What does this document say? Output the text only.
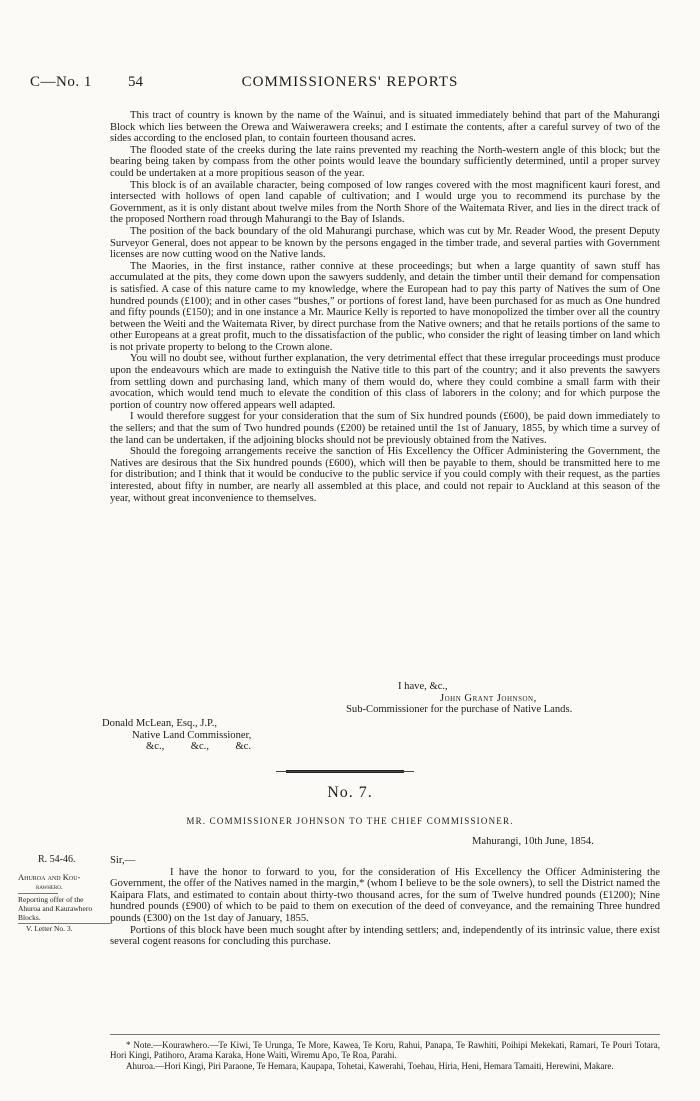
C—No. 1 54	COMMISSIONERS' REPORTS

This tract of country is known by the name of the Wainui, and is situated immediately behind that part of the Mahurangi Block which lies between the Orewa and Waiwerawera creeks; and I estimate the contents, after a careful survey of two of the sides according to the enclosed plan, to contain fourteen thousand acres.

The flooded state of the creeks during the late rains prevented my reaching the North-western angle of this block; but the bearing being taken by compass from the other points would leave the boundary sufficiently determined, until a proper survey could be undertaken at a more propitious season of the year.

This block is of an available character, being composed of low ranges covered with the most magnificent kauri forest, and intersected with hollows of open land capable of cultivation; and I would urge you to recommend its purchase by the Government, as it is only distant about twelve miles from the North Shore of the Waitemata River, and lies in the direct track of the proposed Northern road through Mahurangi to the Bay of Islands.

The position of the back boundary of the old Mahurangi purchase, which was cut by Mr. Reader Wood, the present Deputy Surveyor General, does not appear to be known by the persons engaged in the timber trade, and several parties with Government licenses are now cutting wood on the Native lands.

The Maories, in the first instance, rather connive at these proceedings; but when a large quantity of sawn stuff has accumulated at the pits, they come down upon the sawyers suddenly, and detain the timber until their demand for compensation is satisfied. A case of this nature came to my knowledge, where the European had to pay this party of Natives the sum of One hundred pounds (£100); and in other cases “bushes,” or portions of forest land, have been purchased for as much as One hundred and fifty pounds (£150); and in one instance a Mr. Maurice Kelly is reported to have monopolized the timber over all the country between the Weiti and the Waitemata River, by direct purchase from the Native owners; and that he retails portions of the same to other Europeans at a great profit, much to the dissatisfaction of the public, who consider the right of leasing timber on land which is not private property to belong to the Crown alone.

You will no doubt see, without further explanation, the very detrimental effect that these irregular proceedings must produce upon the endeavours which are made to extinguish the Native title to this part of the country; and it also prevents the sawyers from settling down and purchasing land, which many of them would do, where they could combine a small farm with their avocation, which would tend much to elevate the condition of this class of laborers in the colony; and for which purpose the portion of country now offered appears well adapted.

I would therefore suggest for your consideration that the sum of Six hundred pounds (£600), be paid down immediately to the sellers; and that the sum of Two hundred pounds (£200) be retained until the 1st of January, 1855, by which time a survey of the land can be undertaken, if the adjoining blocks should not be previously obtained from the Natives.

Should the foregoing arrangements receive the sanction of His Excellency the Officer Administering the Government, the Natives are desirous that the Six hundred pounds (£600), which will then be payable to them, should be transmitted here to me for distribution; and I think that it would be conducive to the public service if you could comply with their request, as the parties interested, about fifty in number, are nearly all assembled at this place, and could not repair to Auckland at this season of the year, without great inconvenience to themselves.

I have, &c.,
John Grant Johnson,
Sub-Commissioner for the purchase of Native Lands.
Donald McLean, Esq., J.P.,
Native Land Commissioner,
&c.,          &c.,          &c.
No. 7.
MR. COMMISSIONER JOHNSON TO THE CHIEF COMMISSIONER.
Mahurangi, 10th June, 1854.
R. 54-46.
Ahuroa and Kou-
rawhero.
Reporting offer of the
Ahuroa and Kaurawhero
Blocks.
V. Letter No. 3.
Sir,—

I have the honor to forward to you, for the consideration of His Excellency the Officer Administering the Government, the offer of the Natives named in the margin,* (whom I believe to be the sole owners), to sell the District named the Kaipara Flats, and estimated to contain about thirty-two thousand acres, for the sum of Twelve hundred pounds (£1200); Nine hundred pounds (£900) of which to be paid to them on execution of the deed of conveyance, and the remaining Three hundred pounds (£300) on the 1st day of January, 1855.

Portions of this block have been much sought after by intending settlers; and, independently of its intrinsic value, there exist several cogent reasons for concluding this purchase.

* Note.—Kourawhero.—Te Kiwi, Te Urunga, Te More, Kawea, Te Koru, Rahui, Panapa, Te Rawhiti, Poihipi Mekekati, Ramari, Te Pouri Totara, Hori Kingi, Patihoro, Arama Karaka, Hone Waiti, Wiremu Apo, Te Roa, Parahi.

Ahuroa.—Hori Kingi, Piri Paraone, Te Hemara, Kaupapa, Tohetai, Kawerahi, Toehau, Hiria, Heni, Hemara Tamaiti, Herewini, Makare.
